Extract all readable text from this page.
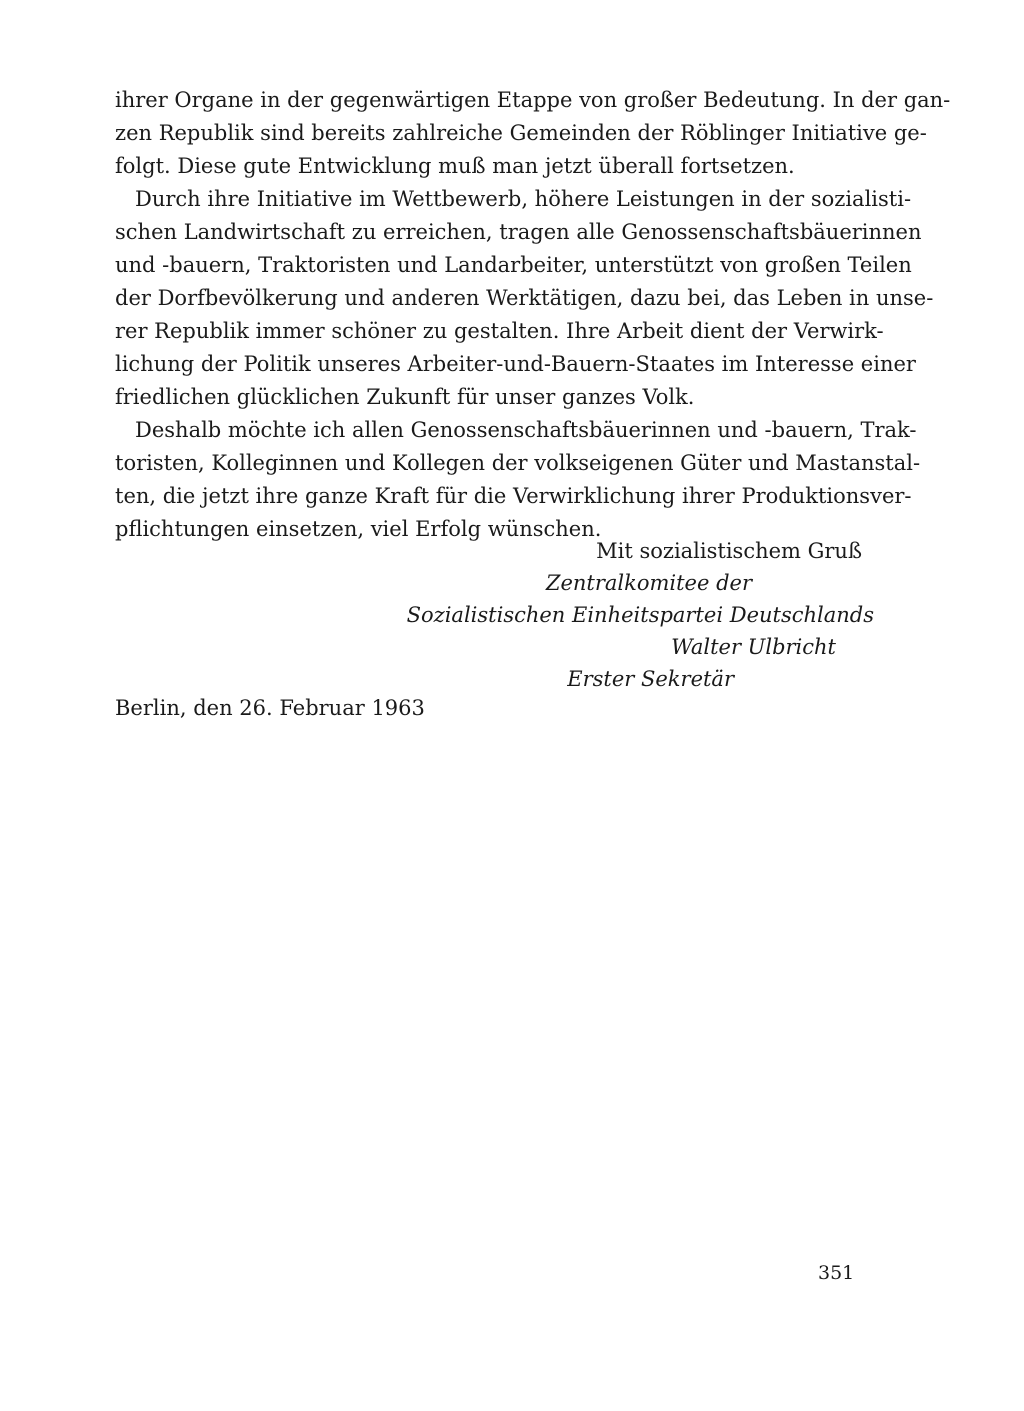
ihrer Organe in der gegenwärtigen Etappe von großer Bedeutung. In der gan-
zen Republik sind bereits zahlreiche Gemeinden der Röblinger Initiative ge-
folgt. Diese gute Entwicklung muß man jetzt überall fortsetzen.

Durch ihre Initiative im Wettbewerb, höhere Leistungen in der sozialisti-
schen Landwirtschaft zu erreichen, tragen alle Genossenschaftsbäuerinnen
und -bauern, Traktoristen und Landarbeiter, unterstützt von großen Teilen
der Dorfbevölkerung und anderen Werktätigen, dazu bei, das Leben in unse-
rer Republik immer schöner zu gestalten. Ihre Arbeit dient der Verwirk-
lichung der Politik unseres Arbeiter-und-Bauern-Staates im Interesse einer
friedlichen glücklichen Zukunft für unser ganzes Volk.

Deshalb möchte ich allen Genossenschaftsbäuerinnen und -bauern, Trak-
toristen, Kolleginnen und Kollegen der volkseigenen Güter und Mastanstal-
ten, die jetzt ihre ganze Kraft für die Verwirklichung ihrer Produktionsver-
pflichtungen einsetzen, viel Erfolg wünschen.

Mit sozialistischem Gruß
Zentralkomitee der
Sozialistischen Einheitspartei Deutschlands
Walter Ulbricht
Erster Sekretär
Berlin, den 26. Februar 1963
351
